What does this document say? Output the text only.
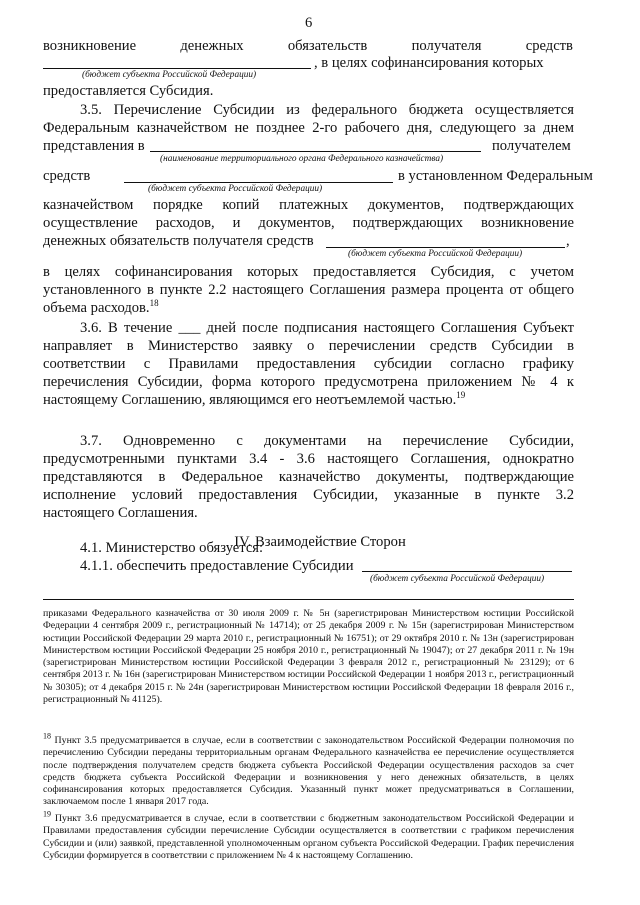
6
возникновение	денежных	обязательств	получателя	средств
, в целях софинансирования которых
(бюджет субъекта Российской Федерации)
предоставляется Субсидия.
3.5. Перечисление Субсидии из федерального бюджета осуществляется
Федеральным казначейством не позднее 2-го рабочего дня, следующего за днем
представления в	получателем
(наименование территориального органа Федерального казначейства)
средств	в установленном Федеральным
(бюджет субъекта Российской Федерации)
казначейством порядке копий платежных документов, подтверждающих
осуществление расходов, и документов, подтверждающих возникновение
денежных обязательств получателя средств	,
(бюджет субъекта Российской Федерации)
в целях софинансирования которых предоставляется Субсидия, с учетом
установленного в пункте 2.2 настоящего Соглашения размера процента от общего
объема расходов.$^{18}$
3.6. В течение ___ дней после подписания настоящего Соглашения Субъект
направляет в Министерство заявку о перечислении средств Субсидии в
соответствии с Правилами предоставления субсидии согласно графику
перечисления Субсидии, форма которого предусмотрена приложением № 4 к
настоящему Соглашению, являющимся его неотъемлемой частью.$^{19}$
3.7. Одновременно с документами на перечисление Субсидии,
предусмотренными пунктами 3.4 - 3.6 настоящего Соглашения, однократно
представляются в Федеральное казначейство документы, подтверждающие
исполнение условий предоставления Субсидии, указанные в пункте 3.2
настоящего Соглашения.
IV. Взаимодействие Сторон
4.1. Министерство обязуется:
4.1.1. обеспечить предоставление Субсидии
(бюджет субъекта Российской Федерации)
приказами Федерального казначейства от 30 июля 2009 г. № 5н (зарегистрирован Министерством юстиции Российской Федерации 4 сентября 2009 г., регистрационный № 14714); от 25 декабря 2009 г. № 15н (зарегистрирован Министерством юстиции Российской Федерации 29 марта 2010 г., регистрационный № 16751); от 29 октября 2010 г. № 13н (зарегистрирован Министерством юстиции Российской Федерации 25 ноября 2010 г., регистрационный № 19047); от 27 декабря 2011 г. № 19н (зарегистрирован Министерством юстиции Российской Федерации 3 февраля 2012 г., регистрационный № 23129); от 6 сентября 2013 г. № 16н (зарегистрирован Министерством юстиции Российской Федерации 1 ноября 2013 г., регистрационный № 30305); от 4 декабря 2015 г. № 24н (зарегистрирован Министерством юстиции Российской Федерации 18 февраля 2016 г., регистрационный № 41125).
$^{18}$ Пункт 3.5 предусматривается в случае, если в соответствии с законодательством Российской Федерации полномочия по перечислению Субсидии переданы территориальным органам Федерального казначейства ее перечисление осуществляется после подтверждения получателем средств бюджета субъекта Российской Федерации осуществления расходов за счет средств бюджета субъекта Российской Федерации и возникновения у него денежных обязательств, в целях софинансирования которых предоставляется Субсидия. Указанный пункт может предусматриваться в Соглашении, заключаемом после 1 января 2017 года.
$^{19}$ Пункт 3.6 предусматривается в случае, если в соответствии с бюджетным законодательством Российской Федерации и Правилами предоставления субсидии перечисление Субсидии осуществляется в соответствии с графиком перечисления Субсидии и (или) заявкой, представленной уполномоченным органом субъекта Российской Федерации. График перечисления Субсидии формируется в соответствии с приложением № 4 к настоящему Соглашению.
